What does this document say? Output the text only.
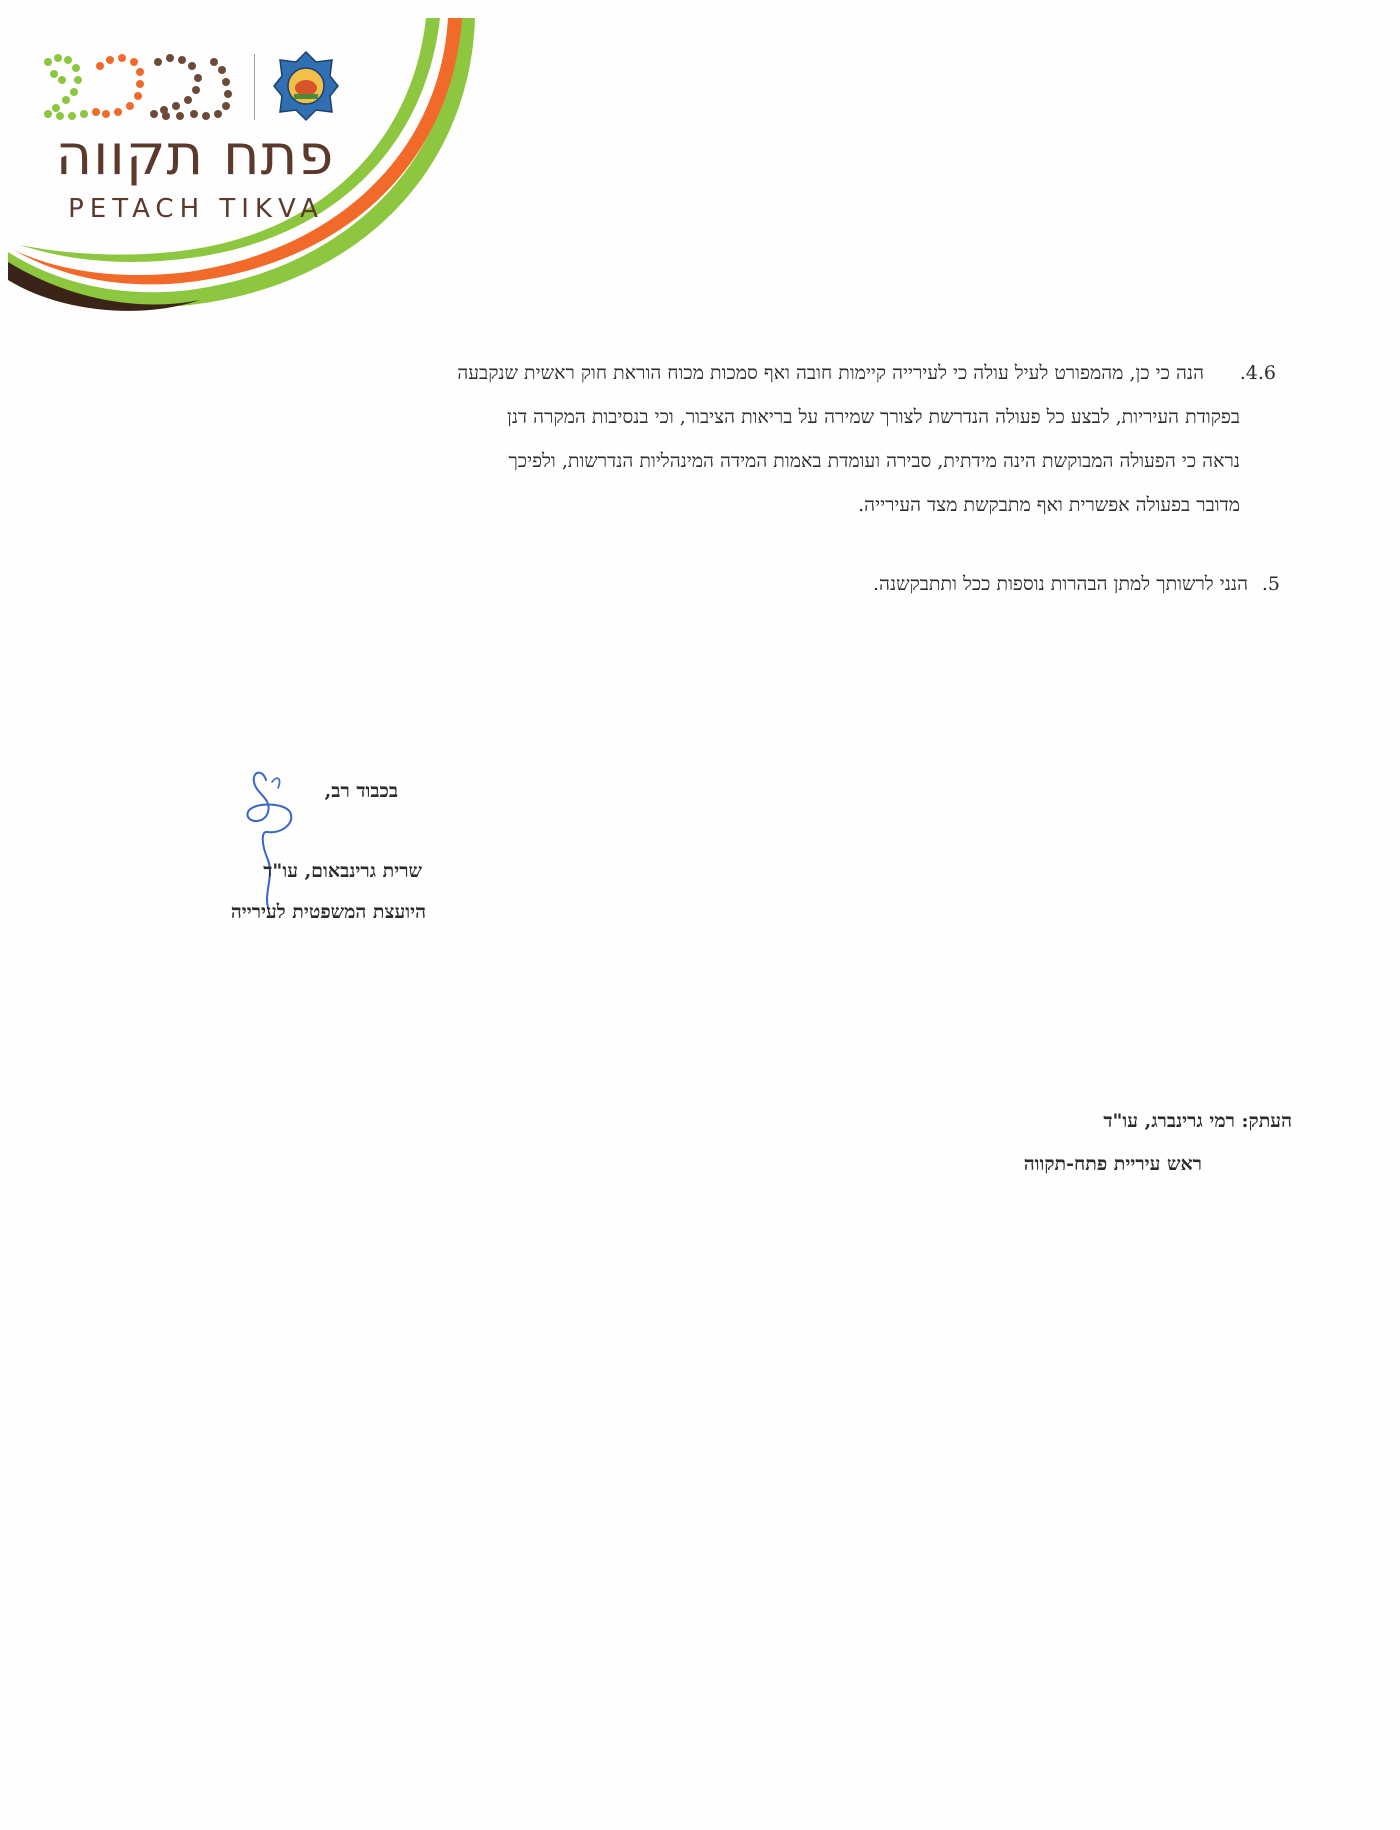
פתח תקווה
PETACH TIKVA
4.6.
הנה כי כן, מהמפורט לעיל עולה כי לעירייה קיימות חובה ואף סמכות מכוח הוראת חוק ראשית שנקבעה
בפקודת העיריות, לבצע כל פעולה הנדרשת לצורך שמירה על בריאות הציבור, וכי בנסיבות המקרה דנן
נראה כי הפעולה המבוקשת הינה מידתית, סבירה ועומדת באמות המידה המינהליות הנדרשות, ולפיכך
מדובר בפעולה אפשרית ואף מתבקשת מצד העירייה.
5.הנני לרשותך למתן הבהרות נוספות ככל ותתבקשנה.
בכבוד רב,
שרית גרינבאום, עו"ד
היועצת המשפטית לעירייה
העתק: רמי גרינברג, עו"ד
ראש עיריית פתח-תקווה
